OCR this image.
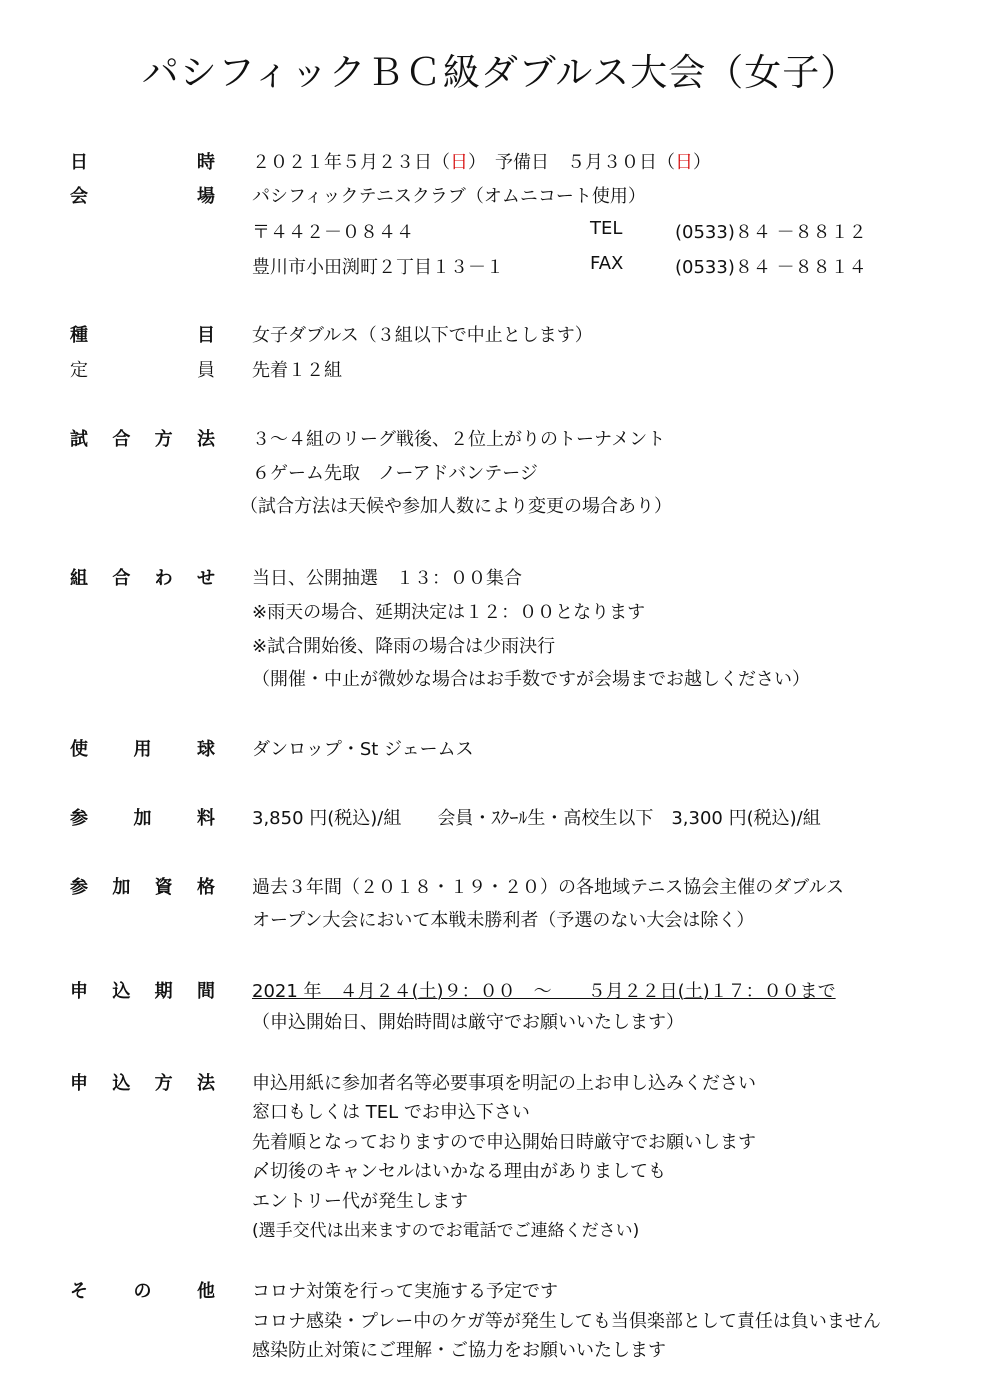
パシフィックＢＣ級ダブルス大会（女子）
日	時 ２０２１年５月２３日（日）　予備日　５月３０日（日）
会	場 パシフィックテニスクラブ（オムニコート使用）
〒４４２－０８４４	TEL	(0533)８４ －８８１２
豊川市小田渕町２丁目１３－１	FAX	(0533)８４ －８８１４
種	目 女子ダブルス（３組以下で中止とします）
定	員 先着１２組
試 合 方 法 ３～４組のリーグ戦後、２位上がりのトーナメント
６ゲーム先取　ノーアドバンテージ
（試合方法は天候や参加人数により変更の場合あり）
組 合 わ せ 当日、公開抽選　１３：００集合
※雨天の場合、延期決定は１２：００となります
※試合開始後、降雨の場合は少雨決行
（開催・中止が微妙な場合はお手数ですが会場までお越しください）
使	用	球 ダンロップ・St ジェームス
参	加	料 3,850 円(税込)/組　　会員・ｽｸｰﾙ生・高校生以下　3,300 円(税込)/組
参 加 資 格 過去３年間（２０１８・１９・２０）の各地域テニス協会主催のダブルス
オープン大会において本戦未勝利者（予選のない大会は除く）
申 込 期 間 2021 年　４月２４(土)９：００　～　　５月２２日(土)１７：００まで
（申込開始日、開始時間は厳守でお願いいたします）
申 込 方 法 申込用紙に参加者名等必要事項を明記の上お申し込みください
窓口もしくは TEL でお申込下さい
先着順となっておりますので申込開始日時厳守でお願いします
〆切後のキャンセルはいかなる理由がありましても
エントリー代が発生します
(選手交代は出来ますのでお電話でご連絡ください)
そ	の	他 コロナ対策を行って実施する予定です
コロナ感染・プレー中のケガ等が発生しても当倶楽部として責任は負いません
感染防止対策にご理解・ご協力をお願いいたします
